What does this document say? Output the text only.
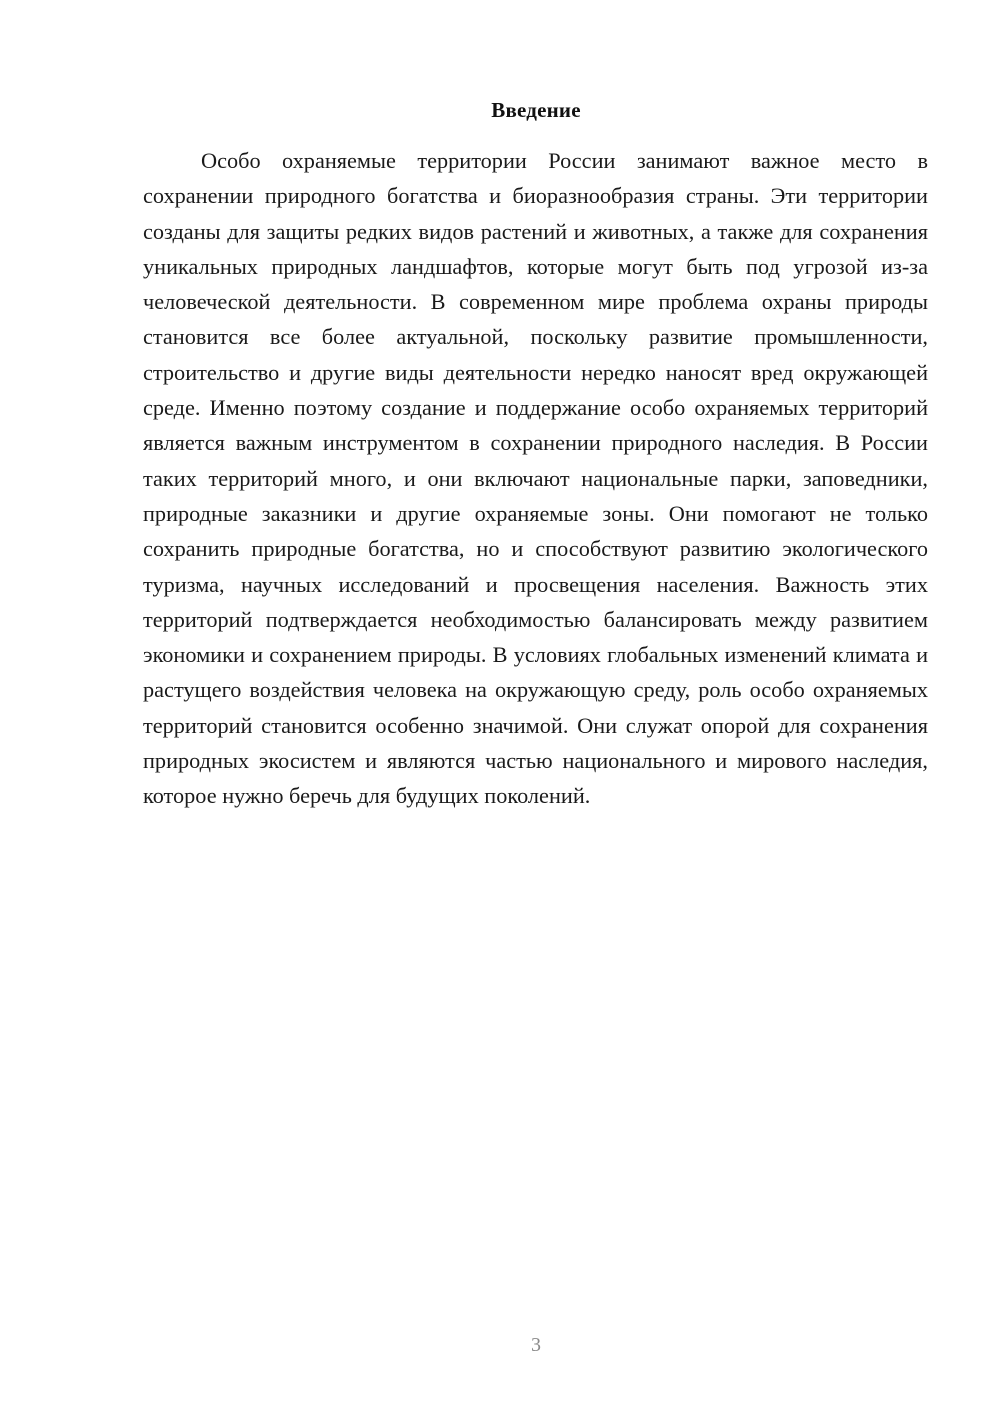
Введение

Особо охраняемые территории России занимают важное место в сохранении природного богатства и биоразнообразия страны. Эти территории созданы для защиты редких видов растений и животных, а также для сохранения уникальных природных ландшафтов, которые могут быть под угрозой из-за человеческой деятельности. В современном мире проблема охраны природы становится все более актуальной, поскольку развитие промышленности, строительство и другие виды деятельности нередко наносят вред окружающей среде. Именно поэтому создание и поддержание особо охраняемых территорий является важным инструментом в сохранении природного наследия. В России таких территорий много, и они включают национальные парки, заповедники, природные заказники и другие охраняемые зоны. Они помогают не только сохранить природные богатства, но и способствуют развитию экологического туризма, научных исследований и просвещения населения. Важность этих территорий подтверждается необходимостью балансировать между развитием экономики и сохранением природы. В условиях глобальных изменений климата и растущего воздействия человека на окружающую среду, роль особо охраняемых территорий становится особенно значимой. Они служат опорой для сохранения природных экосистем и являются частью национального и мирового наследия, которое нужно беречь для будущих поколений.

3
